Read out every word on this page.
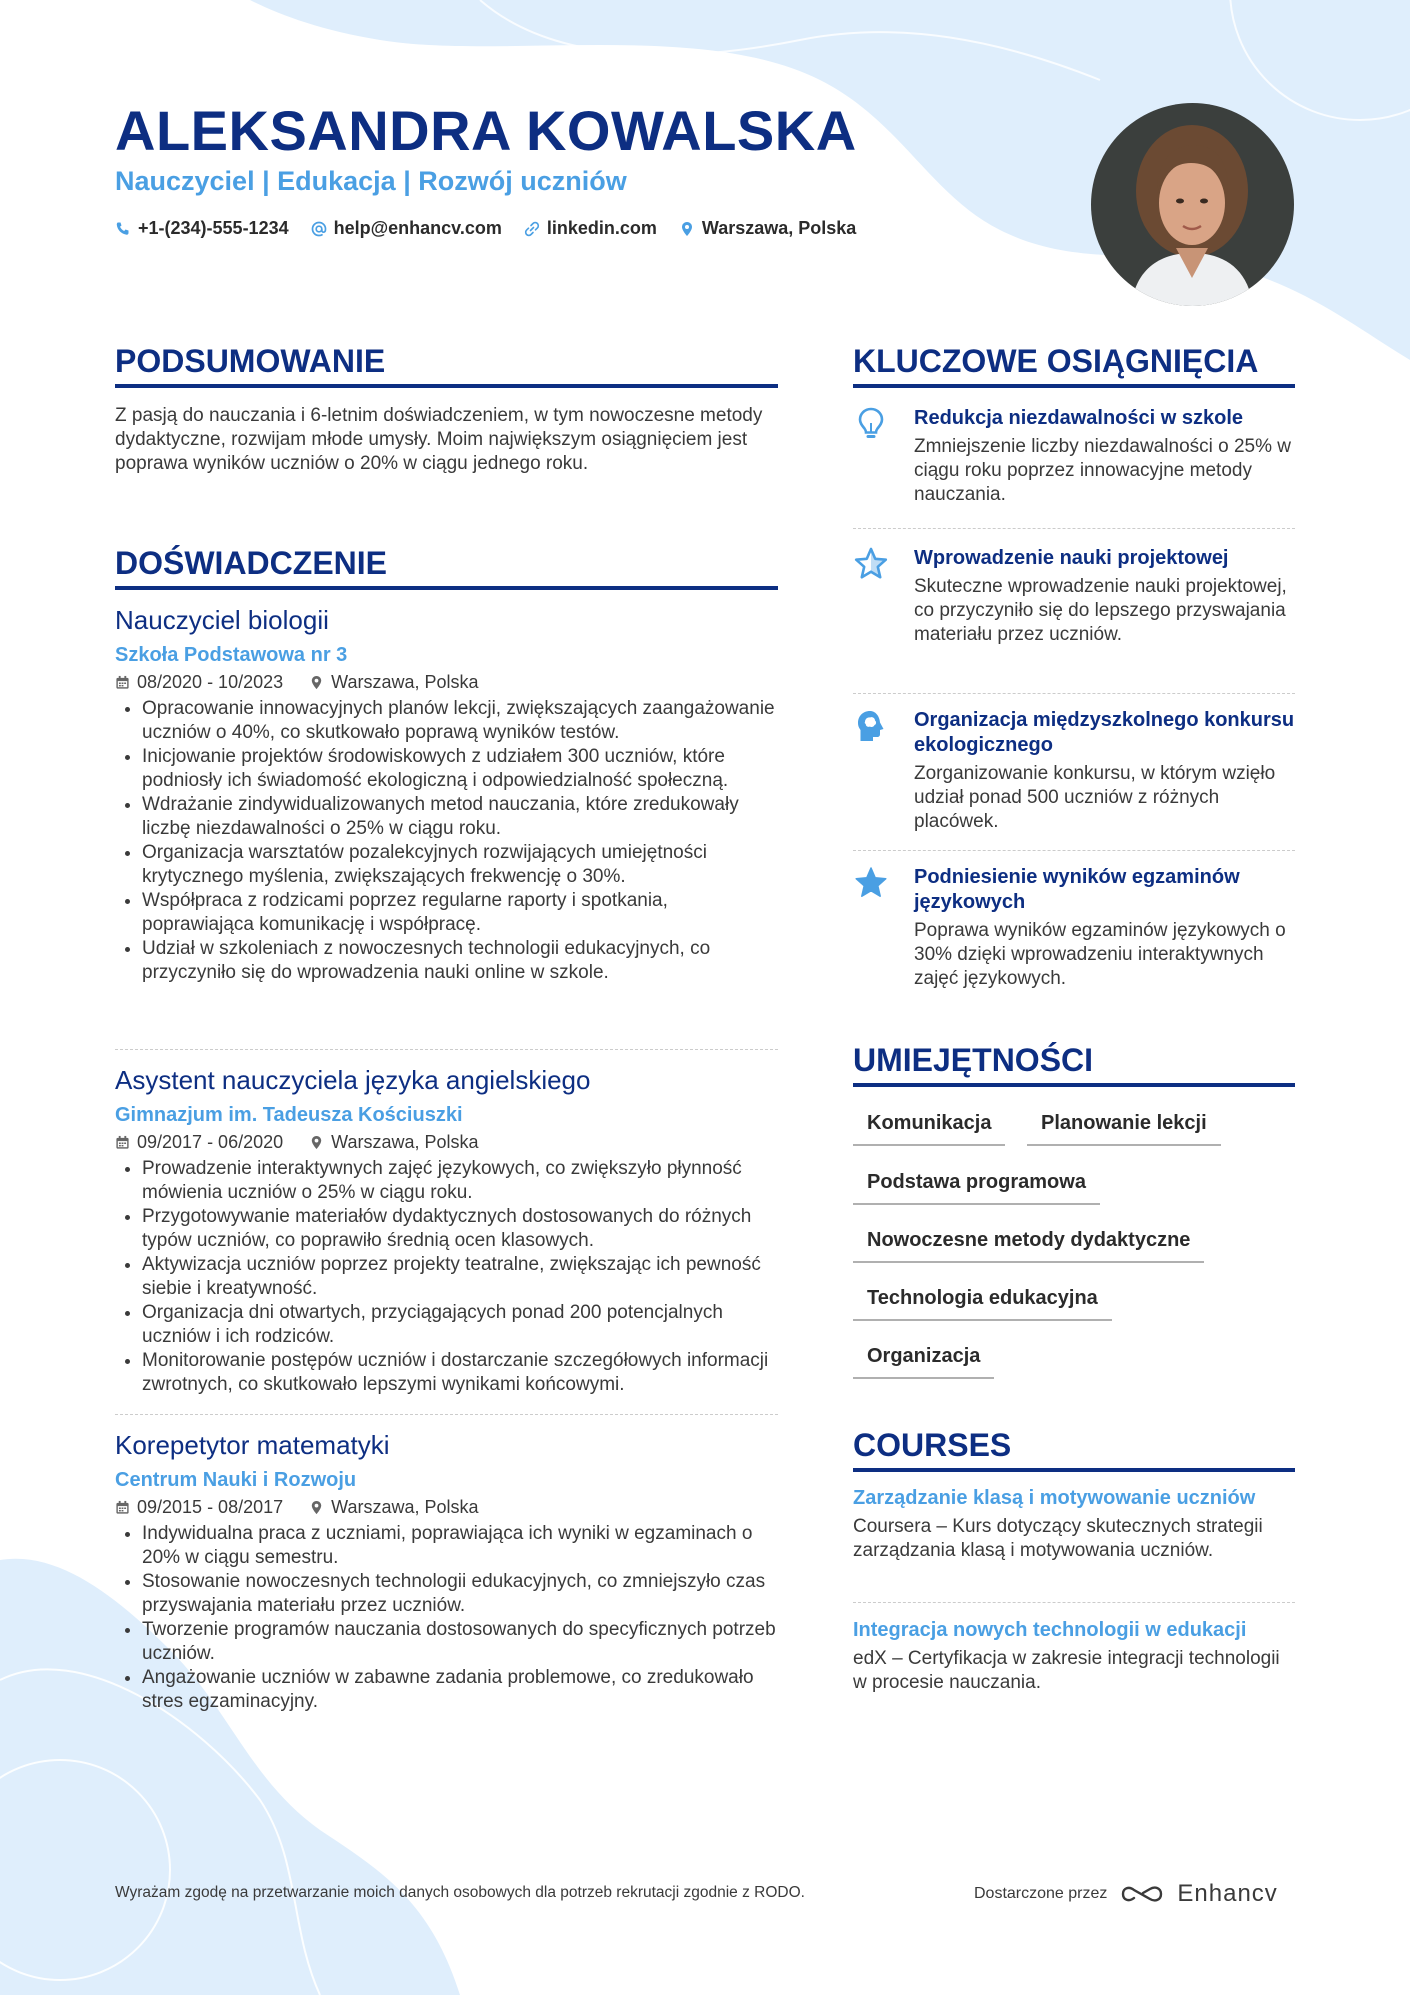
ALEKSANDRA KOWALSKA
Nauczyciel | Edukacja | Rozwój uczniów
+1-(234)-555-1234	help@enhancv.com	linkedin.com	Warszawa, Polska
PODSUMOWANIE
Z pasją do nauczania i 6-letnim doświadczeniem, w tym nowoczesne metody dydaktyczne, rozwijam młode umysły. Moim największym osiągnięciem jest poprawa wyników uczniów o 20% w ciągu jednego roku.
DOŚWIADCZENIE
Nauczyciel biologii
Szkoła Podstawowa nr 3
08/2020 - 10/2023	Warszawa, Polska
Opracowanie innowacyjnych planów lekcji, zwiększających zaangażowanie uczniów o 40%, co skutkowało poprawą wyników testów.
Inicjowanie projektów środowiskowych z udziałem 300 uczniów, które podniosły ich świadomość ekologiczną i odpowiedzialność społeczną.
Wdrażanie zindywidualizowanych metod nauczania, które zredukowały liczbę niezdawalności o 25% w ciągu roku.
Organizacja warsztatów pozalekcyjnych rozwijających umiejętności krytycznego myślenia, zwiększających frekwencję o 30%.
Współpraca z rodzicami poprzez regularne raporty i spotkania, poprawiająca komunikację i współpracę.
Udział w szkoleniach z nowoczesnych technologii edukacyjnych, co przyczyniło się do wprowadzenia nauki online w szkole.
Asystent nauczyciela języka angielskiego
Gimnazjum im. Tadeusza Kościuszki
09/2017 - 06/2020	Warszawa, Polska
Prowadzenie interaktywnych zajęć językowych, co zwiększyło płynność mówienia uczniów o 25% w ciągu roku.
Przygotowywanie materiałów dydaktycznych dostosowanych do różnych typów uczniów, co poprawiło średnią ocen klasowych.
Aktywizacja uczniów poprzez projekty teatralne, zwiększając ich pewność siebie i kreatywność.
Organizacja dni otwartych, przyciągających ponad 200 potencjalnych uczniów i ich rodziców.
Monitorowanie postępów uczniów i dostarczanie szczegółowych informacji zwrotnych, co skutkowało lepszymi wynikami końcowymi.
Korepetytor matematyki
Centrum Nauki i Rozwoju
09/2015 - 08/2017	Warszawa, Polska
Indywidualna praca z uczniami, poprawiająca ich wyniki w egzaminach o 20% w ciągu semestru.
Stosowanie nowoczesnych technologii edukacyjnych, co zmniejszyło czas przyswajania materiału przez uczniów.
Tworzenie programów nauczania dostosowanych do specyficznych potrzeb uczniów.
Angażowanie uczniów w zabawne zadania problemowe, co zredukowało stres egzaminacyjny.
KLUCZOWE OSIĄGNIĘCIA
Redukcja niezdawalności w szkole
Zmniejszenie liczby niezdawalności o 25% w ciągu roku poprzez innowacyjne metody nauczania.
Wprowadzenie nauki projektowej
Skuteczne wprowadzenie nauki projektowej, co przyczyniło się do lepszego przyswajania materiału przez uczniów.
Organizacja międzyszkolnego konkursu ekologicznego
Zorganizowanie konkursu, w którym wzięło udział ponad 500 uczniów z różnych placówek.
Podniesienie wyników egzaminów językowych
Poprawa wyników egzaminów językowych o 30% dzięki wprowadzeniu interaktywnych zajęć językowych.
UMIEJĘTNOŚCI
Komunikacja	Planowanie lekcji
Podstawa programowa
Nowoczesne metody dydaktyczne
Technologia edukacyjna
Organizacja
COURSES
Zarządzanie klasą i motywowanie uczniów
Coursera – Kurs dotyczący skutecznych strategii zarządzania klasą i motywowania uczniów.
Integracja nowych technologii w edukacji
edX – Certyfikacja w zakresie integracji technologii w procesie nauczania.
Wyrażam zgodę na przetwarzanie moich danych osobowych dla potrzeb rekrutacji zgodnie z RODO.	Dostarczone przez	Enhancv
